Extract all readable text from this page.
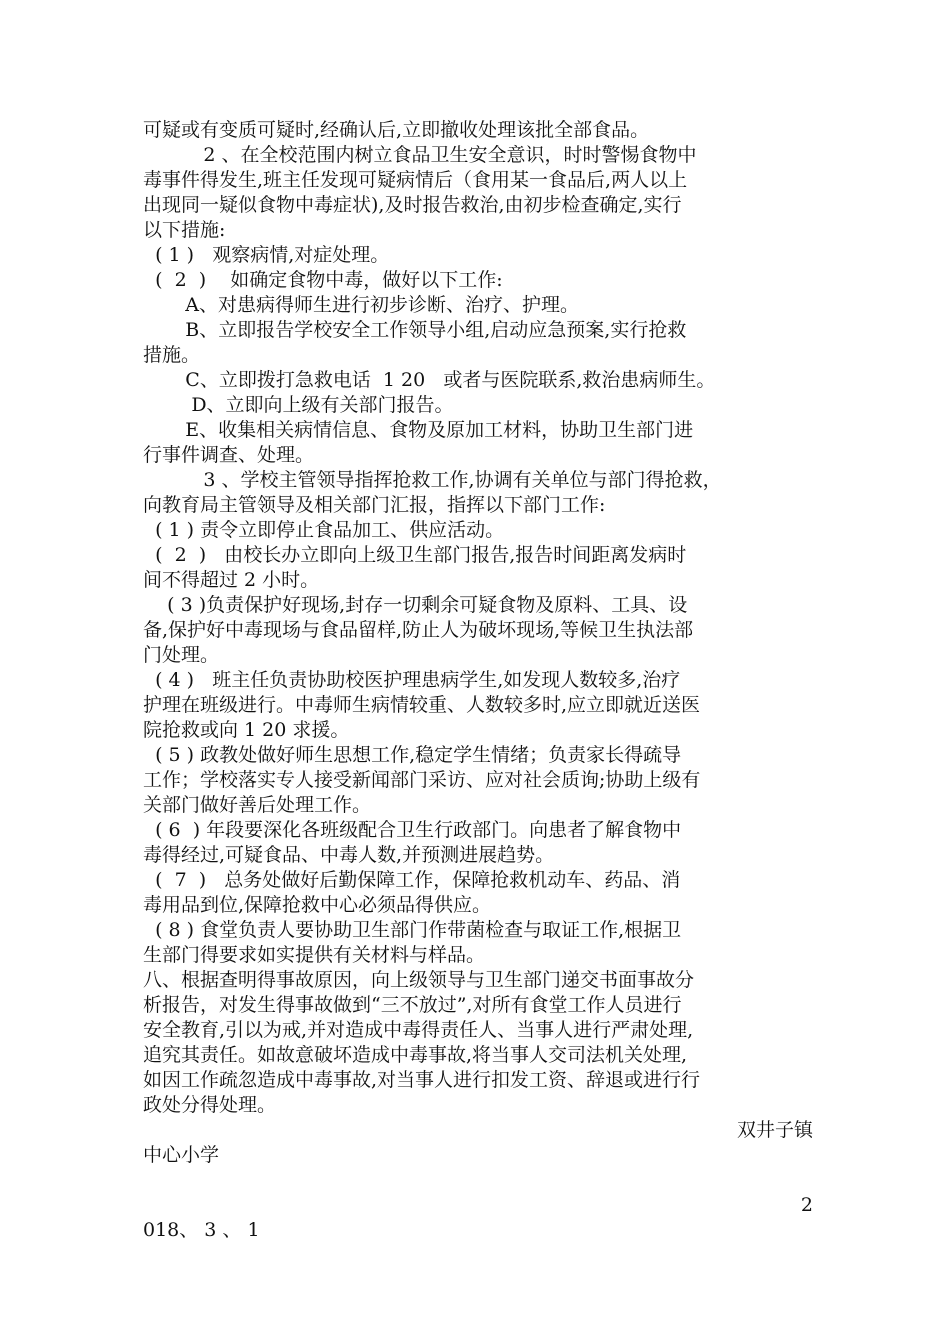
可疑或有变质可疑时,经确认后,立即撤收处理该批全部食品。
2 、在全校范围内树立食品卫生安全意识，时时警惕食物中
毒事件得发生,班主任发现可疑病情后（食用某一食品后,两人以上
出现同一疑似食物中毒症状),及时报告救治,由初步检查确定,实行
以下措施:
( 1 )   观察病情,对症处理。
(  2  )    如确定食物中毒，做好以下工作:
A、对患病得师生进行初步诊断、治疗、护理。
B、立即报告学校安全工作领导小组,启动应急预案,实行抢救
措施。
C、立即拨打急救电话  1 20   或者与医院联系,救治患病师生。
D、立即向上级有关部门报告。
E、收集相关病情信息、食物及原加工材料，协助卫生部门进
行事件调查、处理。
3 、学校主管领导指挥抢救工作,协调有关单位与部门得抢救，
向教育局主管领导及相关部门汇报，指挥以下部门工作:
( 1 ) 责令立即停止食品加工、供应活动。
(  2  )   由校长办立即向上级卫生部门报告,报告时间距离发病时
间不得超过 2 小时。
( 3 )负责保护好现场,封存一切剩余可疑食物及原料、工具、设
备,保护好中毒现场与食品留样,防止人为破坏现场,等候卫生执法部
门处理。
( 4 )   班主任负责协助校医护理患病学生,如发现人数较多,治疗
护理在班级进行。中毒师生病情较重、人数较多时,应立即就近送医
院抢救或向 1 20 求援。
( 5 ) 政教处做好师生思想工作,稳定学生情绪；负责家长得疏导
工作；学校落实专人接受新闻部门采访、应对社会质询;协助上级有
关部门做好善后处理工作。
( 6  ) 年段要深化各班级配合卫生行政部门。向患者了解食物中
毒得经过,可疑食品、中毒人数,并预测进展趋势。
(  7  )   总务处做好后勤保障工作，保障抢救机动车、药品、消
毒用品到位,保障抢救中心必须品得供应。
( 8 ) 食堂负责人要协助卫生部门作带菌检查与取证工作,根据卫
生部门得要求如实提供有关材料与样品。
八、根据查明得事故原因，向上级领导与卫生部门递交书面事故分
析报告，对发生得事故做到“三不放过”,对所有食堂工作人员进行
安全教育,引以为戒,并对造成中毒得责任人、当事人进行严肃处理,
追究其责任。如故意破坏造成中毒事故,将当事人交司法机关处理,
如因工作疏忽造成中毒事故,对当事人进行扣发工资、辞退或进行行
政处分得处理。
双井子镇
中心小学
2
018、 3 、 1
